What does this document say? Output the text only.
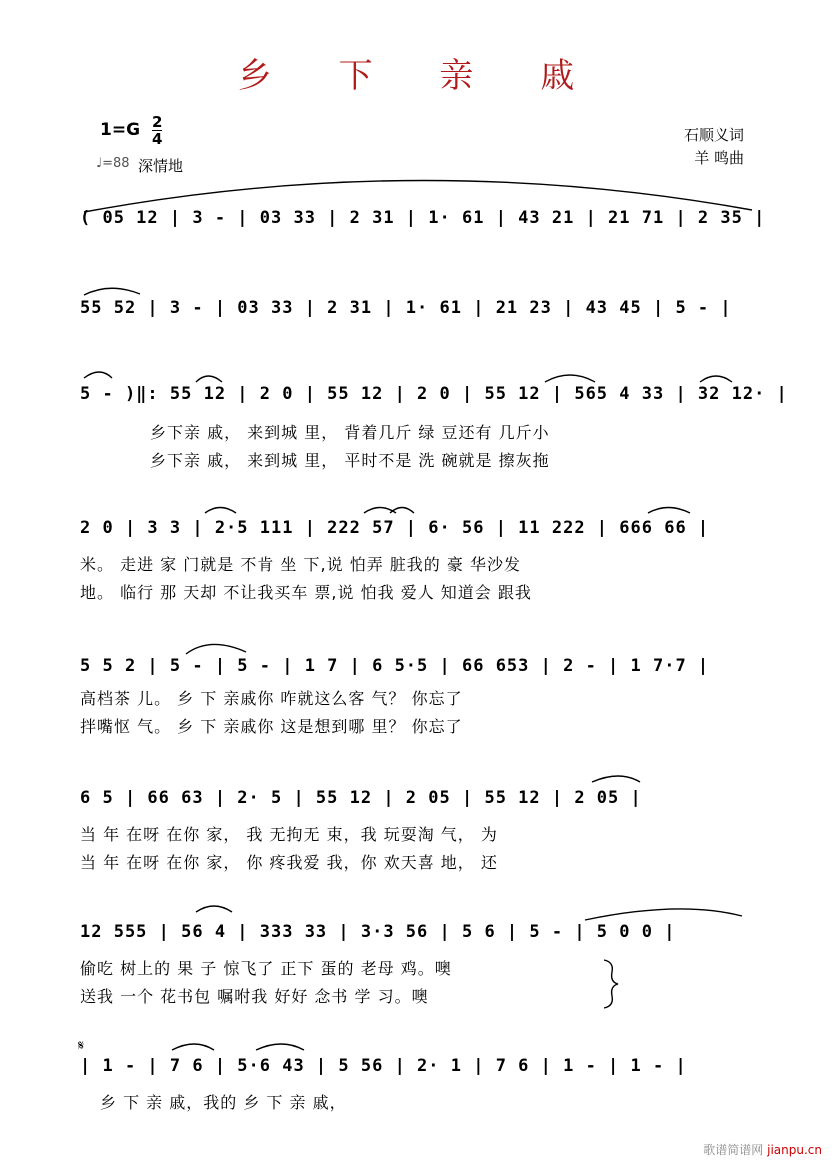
𝄋
乡 下 亲 戚
1=G 2
4
♩=88 深情地
石顺义词
羊 鸣曲
( 05 12 | 3 - | 03 33 | 2 31 | 1· 61 | 43 21 | 21 71 | 2 35 |
55 52 | 3 - | 03 33 | 2 31 | 1· 61 | 21 23 | 43 45 | 5 - |
5 - )‖: 55 12 | 2 0 | 55 12 | 2 0 | 55 12 | 565 4 33 | 32 12· |
乡下亲 戚， 来到城 里， 背着几斤 绿 豆还有 几斤小
乡下亲 戚， 来到城 里， 平时不是 洗 碗就是 擦灰拖
2 0 | 3 3 | 2·5 111 | 222 57 | 6· 56 | 11 222 | 666 66 |
米。 走进 家 门就是 不肯 坐 下,说 怕弄 脏我的 豪 华沙发
地。 临行 那 天却 不让我买车 票,说 怕我 爱人 知道会 跟我
5 5 2 | 5 - | 5 - | 1 7 | 6 5·5 | 66 653 | 2 - | 1 7·7 |
高档茶 儿。 乡 下 亲戚你 咋就这么客 气？ 你忘了
拌嘴怄 气。 乡 下 亲戚你 这是想到哪 里？ 你忘了
6 5 | 66 63 | 2· 5 | 55 12 | 2 05 | 55 12 | 2 05 |
当 年 在呀 在你 家， 我 无拘无 束，我 玩耍淘 气， 为
当 年 在呀 在你 家， 你 疼我爱 我，你 欢天喜 地， 还
12 555 | 56 4 | 333 33 | 3·3 56 | 5 6 | 5 - | 5 0 0 |
偷吃 树上的 果 子 惊飞了 正下 蛋的 老母 鸡。噢
送我 一个 花书包 嘱咐我 好好 念书 学 习。噢
| 1 - | 7 6 | 5·6 43 | 5 56 | 2· 1 | 7 6 | 1 - | 1 - |
乡 下 亲 戚，我的 乡 下 亲 戚，
歌谱简谱网 jianpu.cn
